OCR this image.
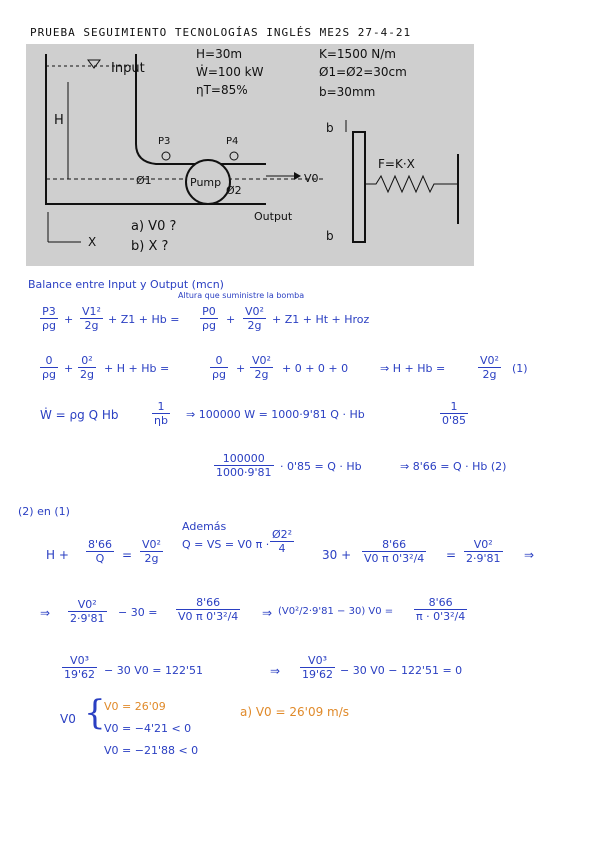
PRUEBA SEGUIMIENTO TECNOLOGÍAS INGLÉS ME2S 27-4-21
Input
H
Pump
Ø1
Ø2
P3	P4
V0
Output
b
b
F=K·X
H=30m
Ẇ=100 kW
ηT=85%
K=1500 N/m
Ø1=Ø2=30cm
b=30mm
a) V0 ?
b) X ?
X
Balance entre Input y Output (mcn)
Altura que suministre la bomba
$\frac{P3}{\rho g} + \frac{\text{V1²}}{2g} + Z1 + Hb = \frac{P0}{\rho g} + \frac{\text{V0²}}{2g} + Z1 + Ht$ + Hroz
$\frac{0}{\rho g} + \frac{\text{0²}}{2g} + H + Hb$ =	$\frac{0}{\rho g} + \frac{\text{V0²}}{2g} + 0 + 0 + 0$	⇒ H + Hb =	$\frac{\text{V0²}}{2g} (1)$
Ẇ = ρg Q Hb	$\frac{1}{\eta b}$ ⇒ 100000 W = 1000·9'81 Q · Hb	$\frac{1}{0'85}$
$\frac{100000}{1000\cdot 9'81} \cdot 0'85 = Q \cdot Hb$	⇒ 8'66 = Q · Hb (2)
(2) en (1)
Además
Q = VS = V0 $\pi \cdot \frac{\text{Ø2²}}{4}$
$H + \frac{8'66}{Q} = \frac{\text{V0²}}{2g}$	$30 + \frac{8'66}{\text{V0 π 0'3²/4}} = \frac{\text{V0²}}{2\cdot 9'81}$ ⇒
⇒ $\frac{\text{V0²}}{2\cdot 9'81} - 30 = \frac{8'66}{\text{V0 π 0'3²/4}}$ ⇒ (V0²/2·9'81 − 30) $V0 = \frac{8'66}{\text{π · 0'3²/4}}$
$\frac{\text{V0³}}{19'62} - 30$ V0 = 122'51	⇒ $\frac{\text{V0³}}{19'62} - 30$ V0 − 122'51 = 0
V0 {
V0 = 26'09
V0 = −4'21 < 0
V0 = −21'88 < 0
a) V0 = 26'09 m/s
